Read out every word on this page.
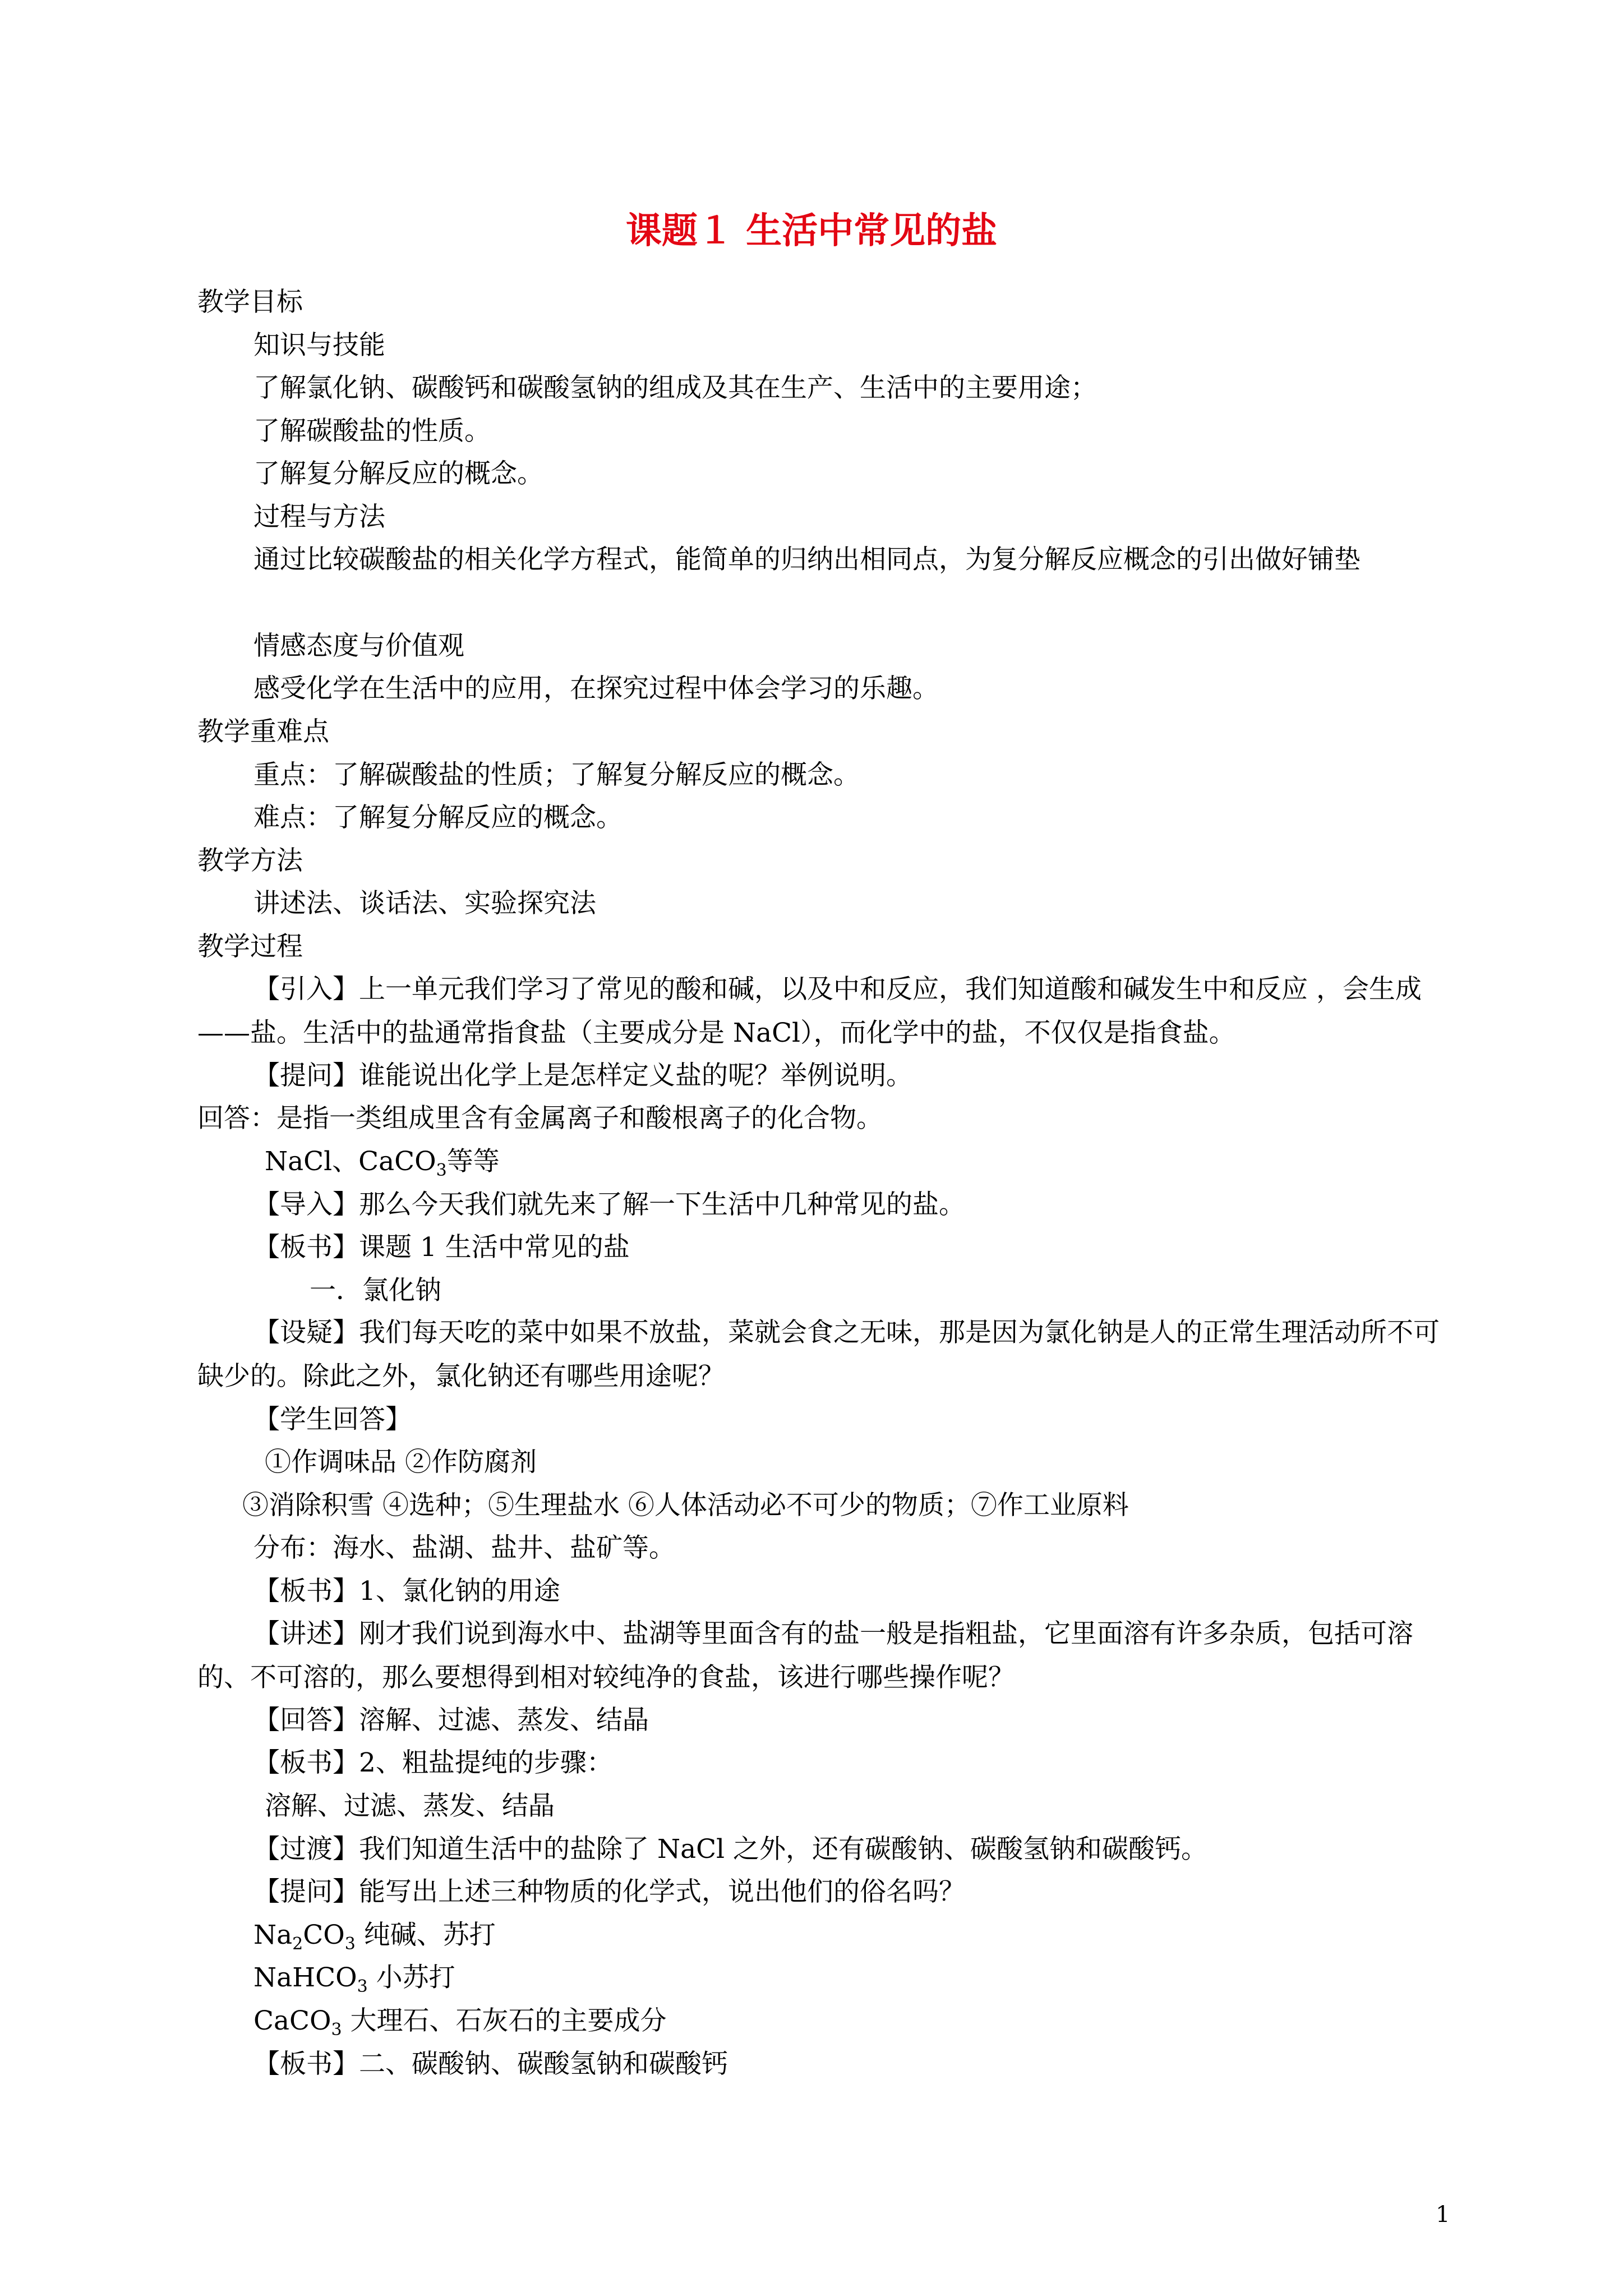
课题１ 生活中常见的盐
教学目标
知识与技能
了解氯化钠、碳酸钙和碳酸氢钠的组成及其在生产、生活中的主要用途；
了解碳酸盐的性质。
了解复分解反应的概念。
过程与方法
通过比较碳酸盐的相关化学方程式，能简单的归纳出相同点，为复分解反应概念的引出做好铺垫
情感态度与价值观
感受化学在生活中的应用，在探究过程中体会学习的乐趣。
教学重难点
重点：了解碳酸盐的性质；了解复分解反应的概念。
难点：了解复分解反应的概念。
教学方法
讲述法、谈话法、实验探究法
教学过程
【引入】上一单元我们学习了常见的酸和碱，以及中和反应，我们知道酸和碱发生中和反应 ，会生成——盐。生活中的盐通常指食盐（主要成分是 NaCl），而化学中的盐，不仅仅是指食盐。
【提问】谁能说出化学上是怎样定义盐的呢？举例说明。
回答：是指一类组成里含有金属离子和酸根离子的化合物。
NaCl、CaCO$_3$等等
【导入】那么今天我们就先来了解一下生活中几种常见的盐。
【板书】课题 1 生活中常见的盐
一．氯化钠
【设疑】我们每天吃的菜中如果不放盐，菜就会食之无味，那是因为氯化钠是人的正常生理活动所不可缺少的。除此之外，氯化钠还有哪些用途呢？
【学生回答】
①作调味品 ②作防腐剂
③消除积雪 ④选种；⑤生理盐水 ⑥人体活动必不可少的物质；⑦作工业原料
分布：海水、盐湖、盐井、盐矿等。
【板书】1、氯化钠的用途
【讲述】刚才我们说到海水中、盐湖等里面含有的盐一般是指粗盐，它里面溶有许多杂质，包括可溶的、不可溶的，那么要想得到相对较纯净的食盐，该进行哪些操作呢？
【回答】溶解、过滤、蒸发、结晶
【板书】2、粗盐提纯的步骤：
溶解、过滤、蒸发、结晶
【过渡】我们知道生活中的盐除了 NaCl 之外，还有碳酸钠、碳酸氢钠和碳酸钙。
【提问】能写出上述三种物质的化学式，说出他们的俗名吗？
$Na_2CO_3$ 纯碱、苏打
NaHCO$_3$ 小苏打
CaCO$_3$ 大理石、石灰石的主要成分
【板书】二、碳酸钠、碳酸氢钠和碳酸钙
1
